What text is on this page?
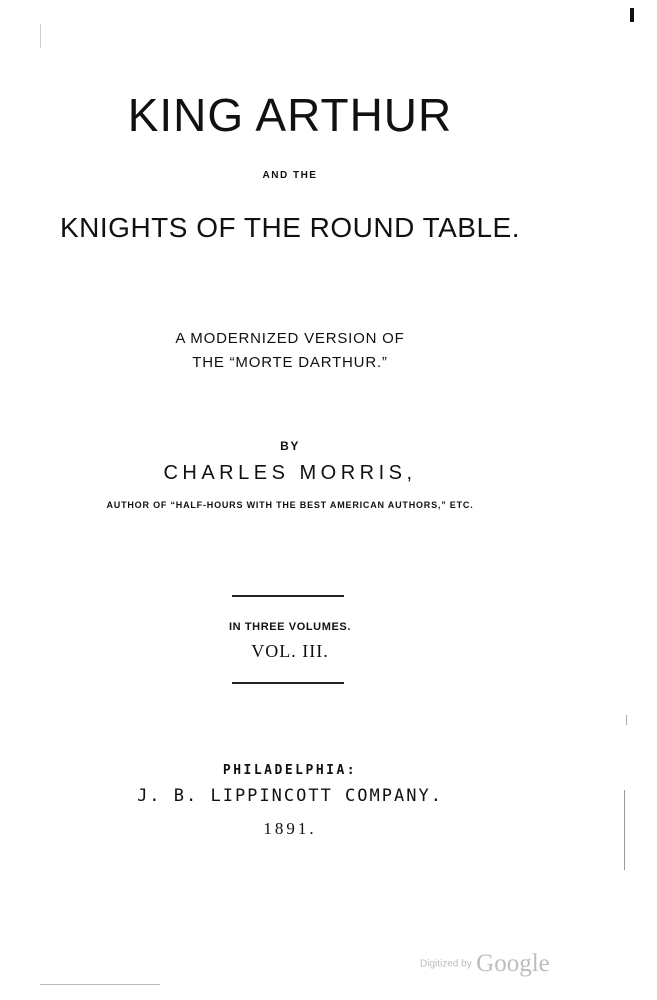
KING ARTHUR
AND THE
KNIGHTS OF THE ROUND TABLE.
A MODERNIZED VERSION OF
THE “MORTE DARTHUR.”
BY
CHARLES MORRIS,
AUTHOR OF “HALF-HOURS WITH THE BEST AMERICAN AUTHORS,” ETC.
IN THREE VOLUMES.
VOL. III.
PHILADELPHIA:
J. B. LIPPINCOTT COMPANY.
1891.
Digitized by Google
